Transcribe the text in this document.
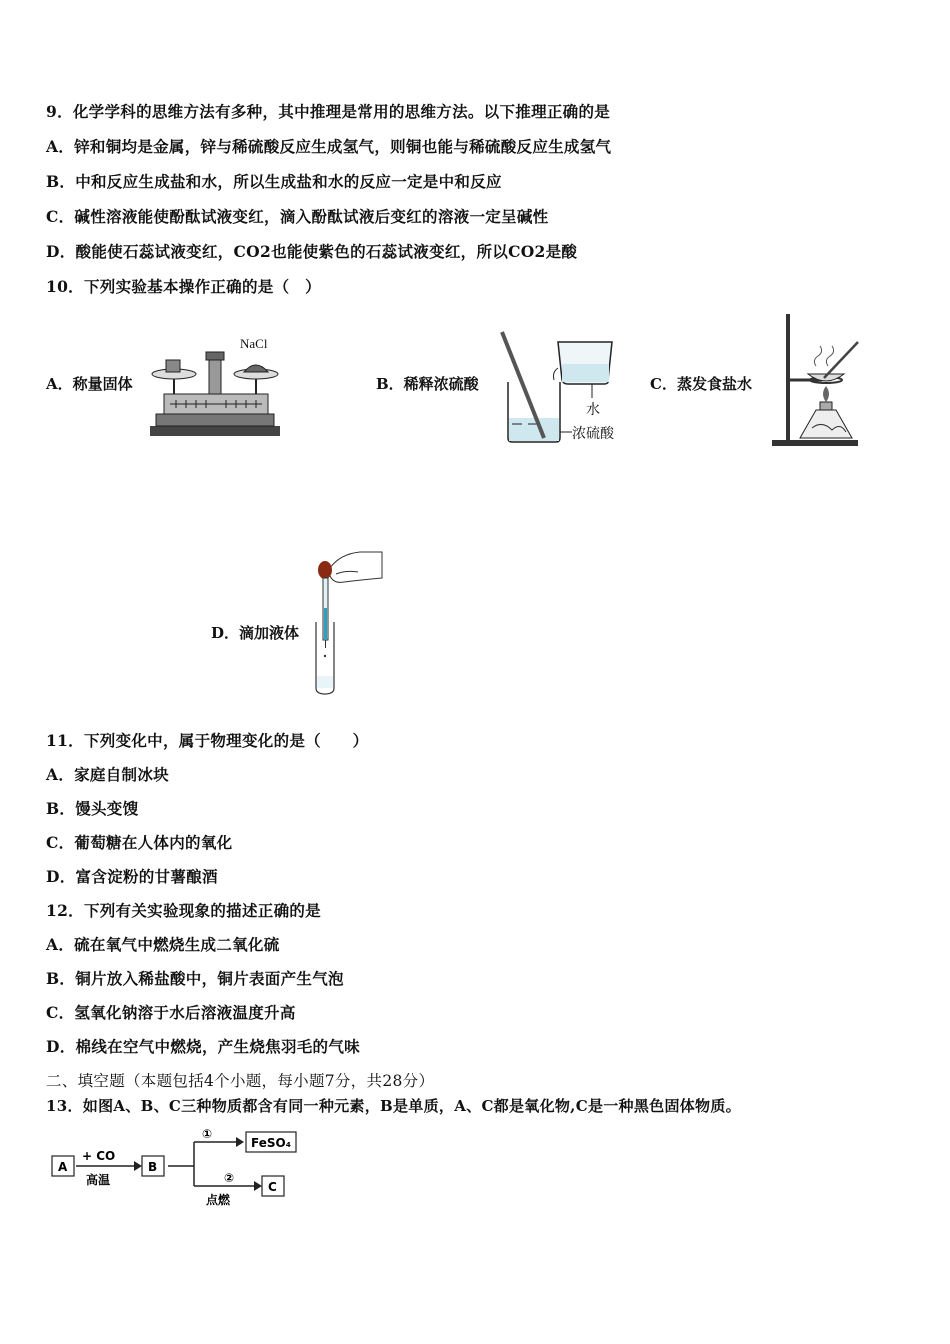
9．化学学科的思维方法有多种，其中推理是常用的思维方法。以下推理正确的是
A．锌和铜均是金属，锌与稀硫酸反应生成氢气，则铜也能与稀硫酸反应生成氢气
B．中和反应生成盐和水，所以生成盐和水的反应一定是中和反应
C．碱性溶液能使酚酞试液变红，滴入酚酞试液后变红的溶液一定呈碱性
D．酸能使石蕊试液变红，CO2也能使紫色的石蕊试液变红，所以CO2是酸
10．下列实验基本操作正确的是（　）
A．称量固体
NaCl
B．稀释浓硫酸
水
浓硫酸
C．蒸发食盐水
D．滴加液体
11．下列变化中，属于物理变化的是（　　）
A．家庭自制冰块
B．馒头变馊
C．葡萄糖在人体内的氧化
D．富含淀粉的甘薯酿酒
12．下列有关实验现象的描述正确的是
A．硫在氧气中燃烧生成二氧化硫
B．铜片放入稀盐酸中，铜片表面产生气泡
C．氢氧化钠溶于水后溶液温度升高
D．棉线在空气中燃烧，产生烧焦羽毛的气味
二、填空题（本题包括4个小题，每小题7分，共28分）
13．如图A、B、C三种物质都含有同一种元素，B是单质，A、C都是氧化物,C是一种黑色固体物质。
A
+ CO
高温
B
①
②
点燃
FeSO₄
C
